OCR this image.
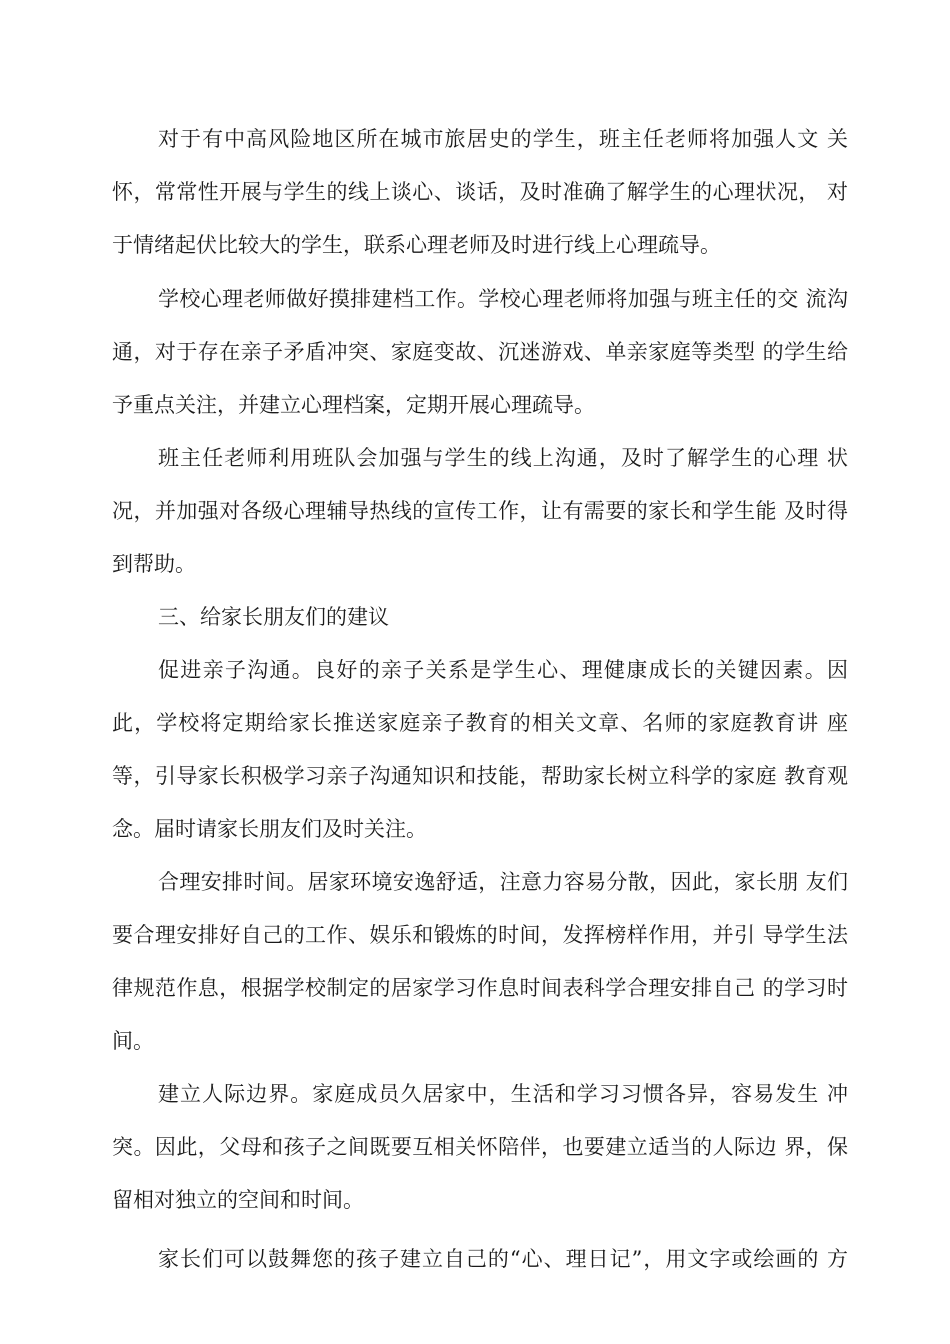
对于有中高风险地区所在城市旅居史的学生，班主任老师将加强人文 关
怀，常常性开展与学生的线上谈心、谈话，及时准确了解学生的心理状况， 对
于情绪起伏比较大的学生，联系心理老师及时进行线上心理疏导。
学校心理老师做好摸排建档工作。学校心理老师将加强与班主任的交 流沟
通，对于存在亲子矛盾冲突、家庭变故、沉迷游戏、单亲家庭等类型 的学生给
予重点关注，并建立心理档案，定期开展心理疏导。
班主任老师利用班队会加强与学生的线上沟通，及时了解学生的心理 状
况，并加强对各级心理辅导热线的宣传工作，让有需要的家长和学生能 及时得
到帮助。
三、给家长朋友们的建议
促进亲子沟通。良好的亲子关系是学生心、理健康成长的关键因素。因
此，学校将定期给家长推送家庭亲子教育的相关文章、名师的家庭教育讲 座
等，引导家长积极学习亲子沟通知识和技能，帮助家长树立科学的家庭 教育观
念。届时请家长朋友们及时关注。
合理安排时间。居家环境安逸舒适，注意力容易分散，因此，家长朋 友们
要合理安排好自己的工作、娱乐和锻炼的时间，发挥榜样作用，并引 导学生法
律规范作息，根据学校制定的居家学习作息时间表科学合理安排自己 的学习时
间。
建立人际边界。家庭成员久居家中，生活和学习习惯各异，容易发生 冲
突。因此，父母和孩子之间既要互相关怀陪伴，也要建立适当的人际边 界，保
留相对独立的空间和时间。
家长们可以鼓舞您的孩子建立自己的“心、理日记”，用文字或绘画的 方
